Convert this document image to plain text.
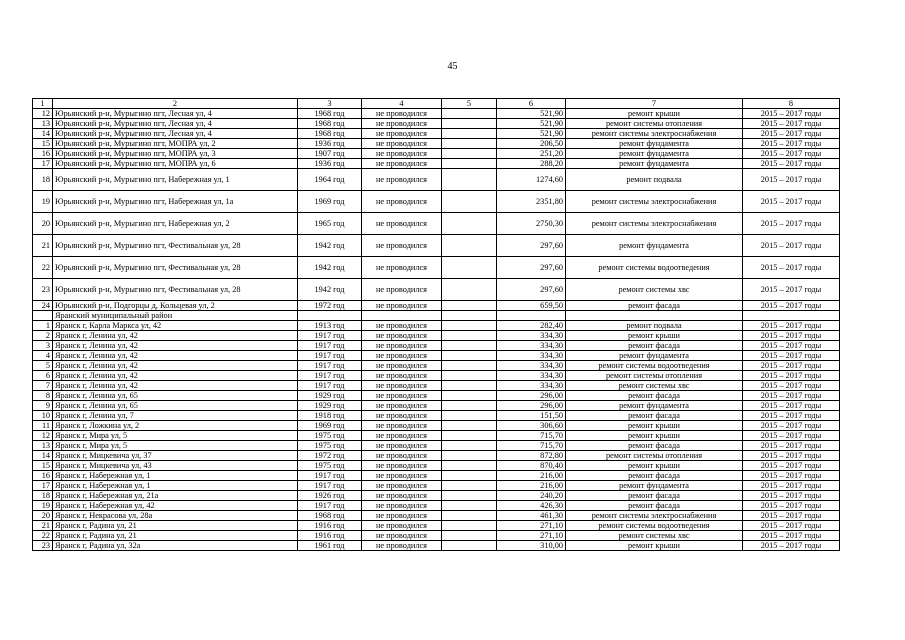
45
1	2	3	4	5	6	7	8	
12	Юрьянский р-н, Мурыгино пгт, Лесная ул, 4	1968 год	не проводился		521,90	ремонт крыши	2015 – 2017 годы	
13	Юрьянский р-н, Мурыгино пгт, Лесная ул, 4	1968 год	не проводился		521,90	ремонт системы отопления	2015 – 2017 годы	
14	Юрьянский р-н, Мурыгино пгт, Лесная ул, 4	1968 год	не проводился		521,90	ремонт системы электроснабжения	2015 – 2017 годы	
15	Юрьянский р-н, Мурыгино пгт, МОПРА ул, 2	1936 год	не проводился		206,50	ремонт фундамента	2015 – 2017 годы	
16	Юрьянский р-н, Мурыгино пгт, МОПРА ул, 3	1907 год	не проводился		251,20	ремонт фундамента	2015 – 2017 годы	
17	Юрьянский р-н, Мурыгино пгт, МОПРА ул, 6	1936 год	не проводился		288,20	ремонт фундамента	2015 – 2017 годы	
18	Юрьянский р-н, Мурыгино пгт, Набережная ул, 1	1964 год	не проводился		1274,60	ремонт подвала	2015 – 2017 годы	
19	Юрьянский р-н, Мурыгино пгт, Набережная ул, 1а	1969 год	не проводился		2351,80	ремонт системы электроснабжения	2015 – 2017 годы	
20	Юрьянский р-н, Мурыгино пгт, Набережная ул, 2	1965 год	не проводился		2750,30	ремонт системы электроснабжения	2015 – 2017 годы	
21	Юрьянский р-н, Мурыгино пгт, Фестивальная ул, 28	1942 год	не проводился		297,60	ремонт фундамента	2015 – 2017 годы	
22	Юрьянский р-н, Мурыгино пгт, Фестивальная ул, 28	1942 год	не проводился		297,60	ремонт системы водоотведения	2015 – 2017 годы	
23	Юрьянский р-н, Мурыгино пгт, Фестивальная ул, 28	1942 год	не проводился		297,60	ремонт системы хвс	2015 – 2017 годы	
24	Юрьянский р-н, Подгорцы д, Кольцевая ул, 2	1972 год	не проводился		659,50	ремонт фасада	2015 – 2017 годы	
	Яранский муниципальный район							
1	Яранск г, Карла Маркса ул, 42	1913 год	не проводился		282,40	ремонт подвала	2015 – 2017 годы	
2	Яранск г, Ленина ул, 42	1917 год	не проводился		334,30	ремонт крыши	2015 – 2017 годы	
3	Яранск г, Ленина ул, 42	1917 год	не проводился		334,30	ремонт фасада	2015 – 2017 годы	
4	Яранск г, Ленина ул, 42	1917 год	не проводился		334,30	ремонт фундамента	2015 – 2017 годы	
5	Яранск г, Ленина ул, 42	1917 год	не проводился		334,30	ремонт системы водоотведения	2015 – 2017 годы	
6	Яранск г, Ленина ул, 42	1917 год	не проводился		334,30	ремонт системы отопления	2015 – 2017 годы	
7	Яранск г, Ленина ул, 42	1917 год	не проводился		334,30	ремонт системы хвс	2015 – 2017 годы	
8	Яранск г, Ленина ул, 65	1929 год	не проводился		296,00	ремонт фасада	2015 – 2017 годы	
9	Яранск г, Ленина ул, 65	1929 год	не проводился		296,00	ремонт фундамента	2015 – 2017 годы	
10	Яранск г, Ленина ул, 7	1918 год	не проводился		151,50	ремонт фасада	2015 – 2017 годы	
11	Яранск г, Ложкина ул, 2	1969 год	не проводился		306,60	ремонт крыши	2015 – 2017 годы	
12	Яранск г, Мира ул, 5	1975 год	не проводился		715,70	ремонт крыши	2015 – 2017 годы	
13	Яранск г, Мира ул, 5	1975 год	не проводился		715,70	ремонт фасада	2015 – 2017 годы	
14	Яранск г, Мицкевича ул, 37	1972 год	не проводился		872,80	ремонт системы отопления	2015 – 2017 годы	
15	Яранск г, Мицкевича ул, 43	1975 год	не проводился		870,40	ремонт крыши	2015 – 2017 годы	
16	Яранск г, Набережная ул, 1	1917 год	не проводился		216,00	ремонт фасада	2015 – 2017 годы	
17	Яранск г, Набережная ул, 1	1917 год	не проводился		216,00	ремонт фундамента	2015 – 2017 годы	
18	Яранск г, Набережная ул, 21а	1926 год	не проводился		240,20	ремонт фасада	2015 – 2017 годы	
19	Яранск г, Набережная ул, 42	1917 год	не проводился		426,30	ремонт фасада	2015 – 2017 годы	
20	Яранск г, Некрасова ул, 28а	1968 год	не проводился		461,30	ремонт системы электроснабжения	2015 – 2017 годы	
21	Яранск г, Радина ул, 21	1916 год	не проводился		271,10	ремонт системы водоотведения	2015 – 2017 годы	
22	Яранск г, Радина ул, 21	1916 год	не проводился		271,10	ремонт системы хвс	2015 – 2017 годы	
23	Яранск г, Радина ул, 32а	1961 год	не проводился		310,00	ремонт крыши	2015 – 2017 годы	
